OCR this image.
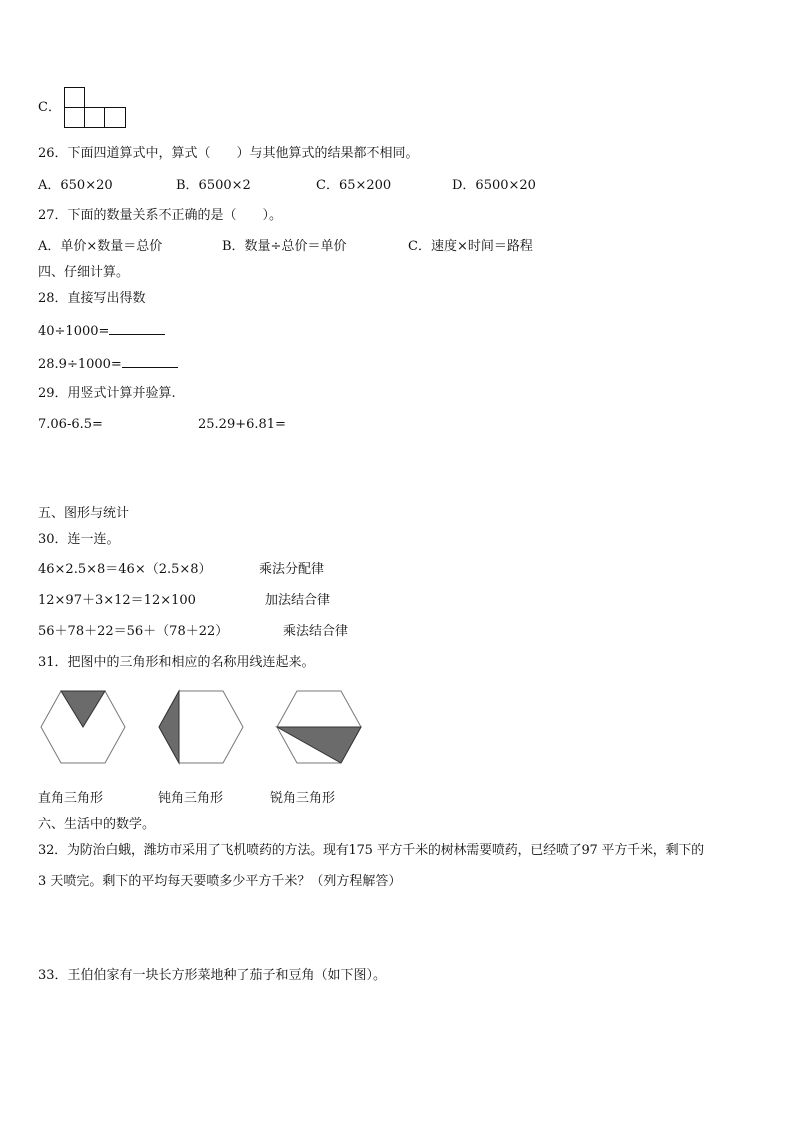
C．
26．下面四道算式中，算式（　　）与其他算式的结果都不相同。
A．650×20	B．6500×2	C．65×200	D．6500×20
27．下面的数量关系不正确的是（　　）。
A．单价×数量＝总价	B．数量÷总价＝单价	C．速度×时间＝路程
四、仔细计算。
28．直接写出得数
40÷1000=
28.9÷1000=
29．用竖式计算并验算.
7.06-6.5=	25.29+6.81=
五、图形与统计
30．连一连。
46×2.5×8＝46×（2.5×8）	乘法分配律
12×97＋3×12＝12×100	加法结合律
56＋78＋22＝56＋（78＋22）	乘法结合律
31．把图中的三角形和相应的名称用线连起来。
直角三角形	钝角三角形	锐角三角形
六、生活中的数学。
32．为防治白蛾，潍坊市采用了飞机喷药的方法。现有175 平方千米的树林需要喷药，已经喷了97 平方千米，剩下的
3 天喷完。剩下的平均每天要喷多少平方千米？（列方程解答）
33．王伯伯家有一块长方形菜地种了茄子和豆角（如下图）。
